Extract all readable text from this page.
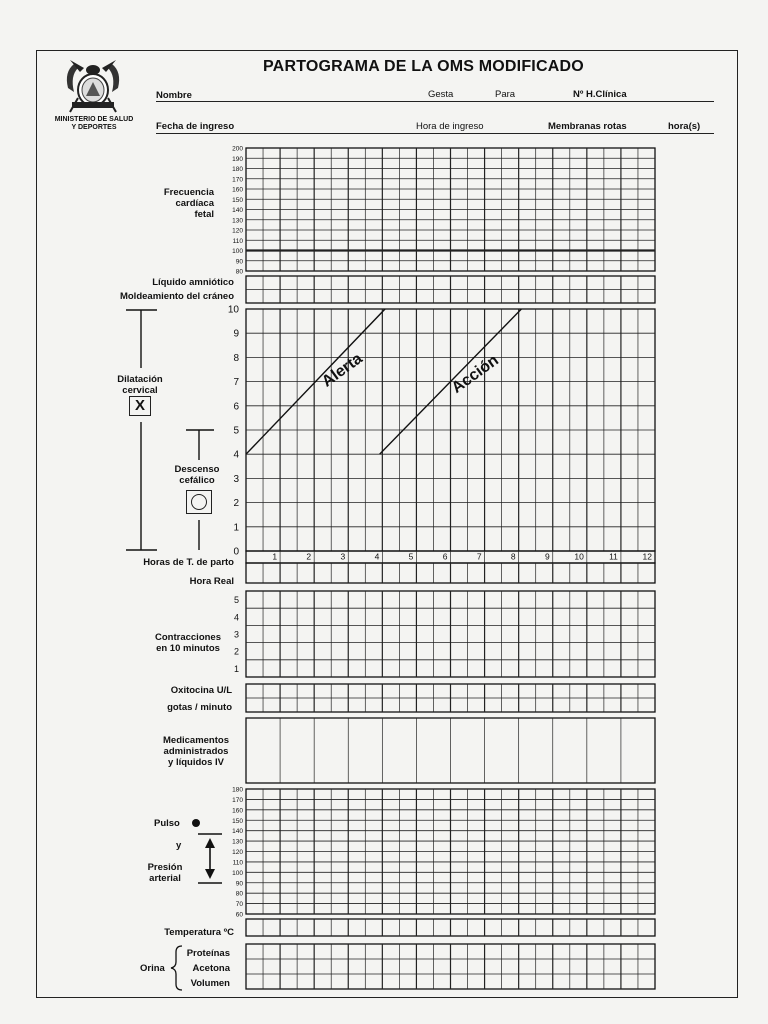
MINISTERIO DE SALUD
Y DEPORTES
PARTOGRAMA DE LA OMS MODIFICADO
Nombre	Gesta	Para	Nº H.Clínica
Fecha de ingreso	Hora de ingreso	Membranas rotas	hora(s)
Frecuencia
cardíaca
fetal
Líquido amniótico
Moldeamiento del cráneo
Dilatación
cervical
X
Descenso
cefálico
Horas de T. de parto
Hora Real
Contracciones
en 10 minutos
Oxitocina U/L
gotas / minuto
Medicamentos
administrados
y líquidos IV
Pulso
y
Presión
arterial
Temperatura ºC
Orina
Proteínas
Acetona
Volumen
200
190
180
170
160
150
140
130
120
110
100
90
80
10
9
8
7
6
5
4
3
2
1
0
Alerta	Acción
1	2	3	4	5	6	7	8	9	10	11	12
5
4
3
2
1
180
170
160
150
140
130
120
110
100
90
80
70
60
